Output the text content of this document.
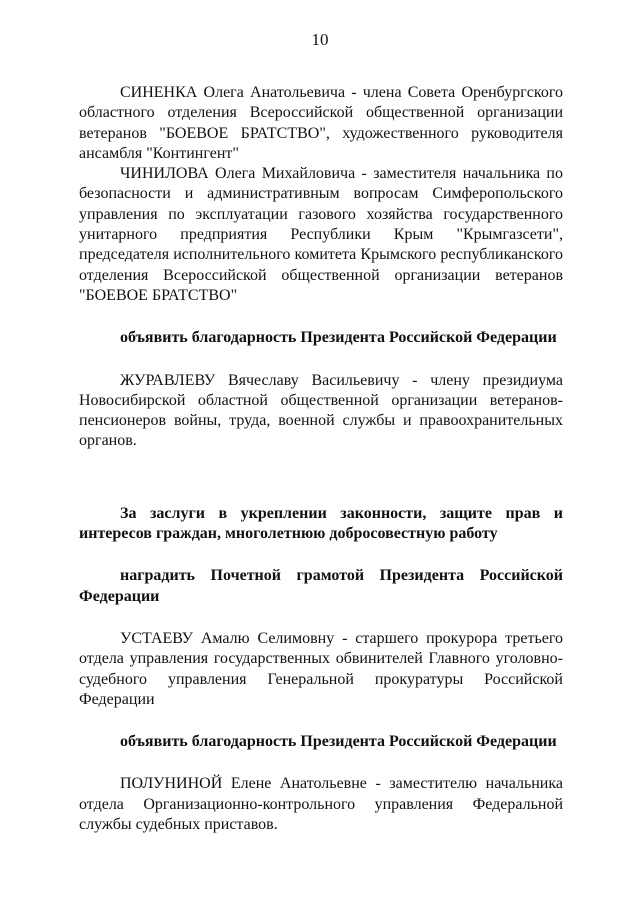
10

СИНЕНКА Олега Анатольевича - члена Совета Оренбургского областного отделения Всероссийской общественной организации ветеранов "БОЕВОЕ БРАТСТВО", художественного руководителя ансамбля "Контингент"

ЧИНИЛОВА Олега Михайловича - заместителя начальника по безопасности и административным вопросам Симферопольского управления по эксплуатации газового хозяйства государственного унитарного предприятия Республики Крым "Крымгазсети", председателя исполнительного комитета Крымского республиканского отделения Всероссийской общественной организации ветеранов "БОЕВОЕ БРАТСТВО"

объявить благодарность Президента Российской Федерации

ЖУРАВЛЕВУ Вячеславу Васильевичу - члену президиума Новосибирской областной общественной организации ветеранов-пенсионеров войны, труда, военной службы и правоохранительных органов.

За заслуги в укреплении законности, защите прав и интересов граждан, многолетнюю добросовестную работу

наградить Почетной грамотой Президента Российской Федерации

УСТАЕВУ Амалю Селимовну - старшего прокурора третьего отдела управления государственных обвинителей Главного уголовно-судебного управления Генеральной прокуратуры Российской Федерации

объявить благодарность Президента Российской Федерации

ПОЛУНИНОЙ Елене Анатольевне - заместителю начальника отдела Организационно-контрольного управления Федеральной службы судебных приставов.
